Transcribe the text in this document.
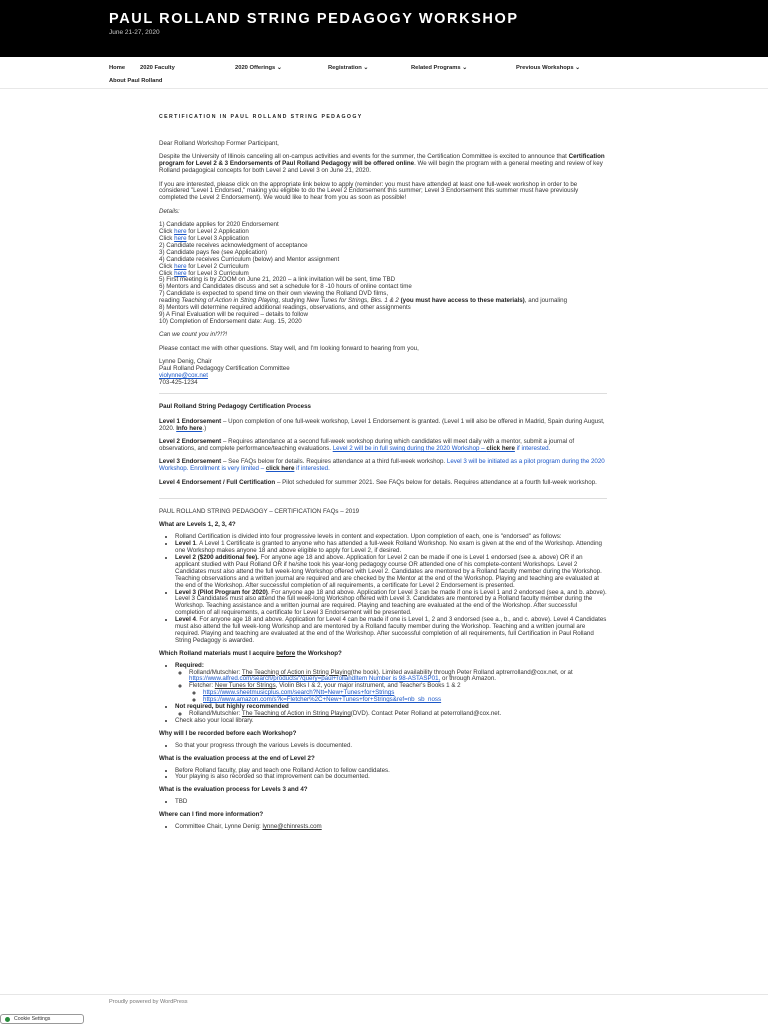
PAUL ROLLAND STRING PEDAGOGY WORKSHOP
June 21-27, 2020
Home	2020 Faculty	2020 Offerings ⌄	Registration ⌄	Related Programs ⌄	Previous Workshops ⌄
About Paul Rolland
CERTIFICATION IN PAUL ROLLAND STRING PEDAGOGY

Dear Rolland Workshop Former Participant,

Despite the University of Illinois canceling all on-campus activities and events for the summer, the Certification Committee is excited to announce that Certification program for Level 2 & 3 Endorsements of Paul Rolland Pedagogy will be offered online. We will begin the program with a general meeting and review of key Rolland pedagogical concepts for both Level 2 and Level 3 on June 21, 2020.

If you are interested, please click on the appropriate link below to apply (reminder: you must have attended at least one full-week workshop in order to be considered "Level 1 Endorsed," making you eligible to do the Level 2 Endorsement this summer; Level 3 Endorsement this summer must have previously completed the Level 2 Endorsement). We would like to hear from you as soon as possible!

Details:

1) Candidate applies for 2020 Endorsement
Click here for Level 2 Application
Click here for Level 3 Application
2) Candidate receives acknowledgment of acceptance
3) Candidate pays fee (see Application)
4) Candidate receives Curriculum (below) and Mentor assignment
Click here for Level 2 Curriculum
Click here for Level 3 Curriculum
5) First meeting is by ZOOM on June 21, 2020 – a link invitation will be sent, time TBD
6) Mentors and Candidates discuss and set a schedule for 8 -10 hours of online contact time
7) Candidate is expected to spend time on their own viewing the Rolland DVD films,
reading Teaching of Action in String Playing, studying New Tunes for Strings, Bks. 1 & 2 (you must have access to these materials), and journaling
8) Mentors will determine required additional readings, observations, and other assignments
9) A Final Evaluation will be required – details to follow
10) Completion of Endorsement date: Aug. 15, 2020

Can we count you in!?!?!

Please contact me with other questions. Stay well, and I'm looking forward to hearing from you,

Lynne Denig, Chair
Paul Rolland Pedagogy Certification Committee
violynne@cox.net
703-425-1234

Paul Rolland String Pedagogy Certification Process

Level 1 Endorsement – Upon completion of one full-week workshop, Level 1 Endorsement is granted. (Level 1 will also be offered in Madrid, Spain during August, 2020. Info here.)

Level 2 Endorsement – Requires attendance at a second full-week workshop during which candidates will meet daily with a mentor, submit a journal of observations, and complete performance/teaching evaluations. Level 2 will be in full swing during the 2020 Workshop – click here if interested.

Level 3 Endorsement – See FAQs below for details. Requires attendance at a third full-week workshop. Level 3 will be initiated as a pilot program during the 2020 Workshop. Enrollment is very limited – click here if interested.

Level 4 Endorsement / Full Certification – Pilot scheduled for summer 2021. See FAQs below for details. Requires attendance at a fourth full-week workshop.

PAUL ROLLAND STRING PEDAGOGY – CERTIFICATION FAQs – 2019

What are Levels 1, 2, 3, 4?
• Rolland Certification is divided into four progressive levels in content and expectation. Upon completion of each, one is "endorsed" as follows:
• Level 1. A Level 1 Certificate is granted to anyone who has attended a full-week Rolland Workshop. No exam is given at the end of the Workshop. Attending one Workshop makes anyone 18 and above eligible to apply for Level 2, if desired.
• Level 2 ($200 additional fee). For anyone age 18 and above. Application for Level 2 can be made if one is Level 1 endorsed (see a. above) OR if an applicant studied with Paul Rolland OR if he/she took his year-long pedagogy course OR attended one of his complete-content Workshops. Level 2 Candidates must also attend the full week-long Workshop offered with Level 2. Candidates are mentored by a Rolland faculty member during the Workshop. Teaching observations and a written journal are required and are checked by the Mentor at the end of the Workshop. Playing and teaching are evaluated at the end of the Workshop. After successful completion of all requirements, a certificate for Level 2 Endorsement is presented.
• Level 3 (Pilot Program for 2020). For anyone age 18 and above. Application for Level 3 can be made if one is Level 1 and 2 endorsed (see a, and b. above). Level 3 Candidates must also attend the full week-long Workshop offered with Level 3. Candidates are mentored by a Rolland faculty member during the Workshop. Teaching assistance and a written journal are required. Playing and teaching are evaluated at the end of the Workshop. After successful completion of all requirements, a certificate for Level 3 Endorsement will be presented.
• Level 4. For anyone age 18 and above. Application for Level 4 can be made if one is Level 1, 2 and 3 endorsed (see a., b., and c. above). Level 4 Candidates must also attend the full week-long Workshop and are mentored by a Rolland faculty member during the Workshop. Teaching and a written journal are required. Playing and teaching are evaluated at the end of the Workshop. After successful completion of all requirements, full Certification in Paul Rolland String Pedagogy is awarded.
Which Rolland materials must I acquire before the Workshop?
• Required:
◦ Rolland/Mutschler: The Teaching of Action in String Playing(the book). Limited availability through Peter Rolland aptrerrolland@cox.net, or at https://www.alfred.com/search/products/?query=paul+rollandItem Number is 98-ASTASP01, or through Amazon.
◦ Fletcher: New Tunes for Strings, Violin Bks I & 2, your major instrument, and Teacher's Books 1 & 2
◦ https://www.sheetmusicplus.com/search?Ntt=New+Tunes+for+Strings
◦ https://www.amazon.com/s?k=Fletcher%2C+New+Tunes+for+Strings&ref=nb_sb_noss
• Not required, but highly recommended
◦ Rolland/Mutschler: The Teaching of Action in String Playing(DVD). Contact Peter Rolland at peterrolland@cox.net.
• Check also your local library.
Why will I be recorded before each Workshop?
• So that your progress through the various Levels is documented.
What is the evaluation process at the end of Level 2?
• Before Rolland faculty, play and teach one Rolland Action to fellow candidates.
• Your playing is also recorded so that improvement can be documented.
What is the evaluation process for Levels 3 and 4?
• TBD
Where can I find more information?
• Committee Chair, Lynne Denig: lynne@chinrests.com
Proudly powered by WordPress
Cookie Settings
